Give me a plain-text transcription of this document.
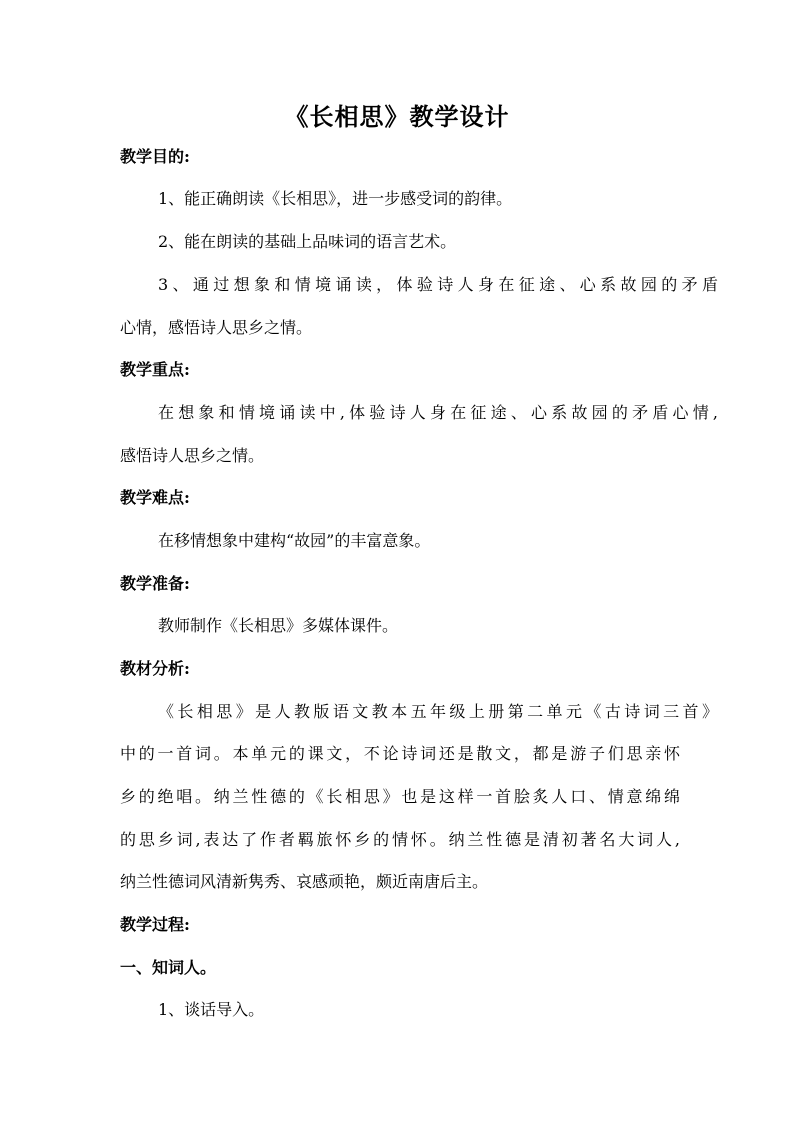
《长相思》教学设计
教学目的:
1、能正确朗读《长相思》，进一步感受词的韵律。
2、能在朗读的基础上品味词的语言艺术。
3、通过想象和情境诵读，体验诗人身在征途、心系故园的矛盾
心情，感悟诗人思乡之情。
教学重点:
在想象和情境诵读中,体验诗人身在征途、心系故园的矛盾心情,
感悟诗人思乡之情。
教学难点:
在移情想象中建构“故园”的丰富意象。
教学准备:
教师制作《长相思》多媒体课件。
教材分析:
《长相思》是人教版语文教本五年级上册第二单元《古诗词三首》
中的一首词。本单元的课文，不论诗词还是散文，都是游子们思亲怀
乡的绝唱。纳兰性德的《长相思》也是这样一首脍炙人口、情意绵绵
的思乡词,表达了作者羁旅怀乡的情怀。纳兰性德是清初著名大词人,
纳兰性德词风清新隽秀、哀感顽艳，颇近南唐后主。
教学过程:
一、知词人。
1、谈话导入。
